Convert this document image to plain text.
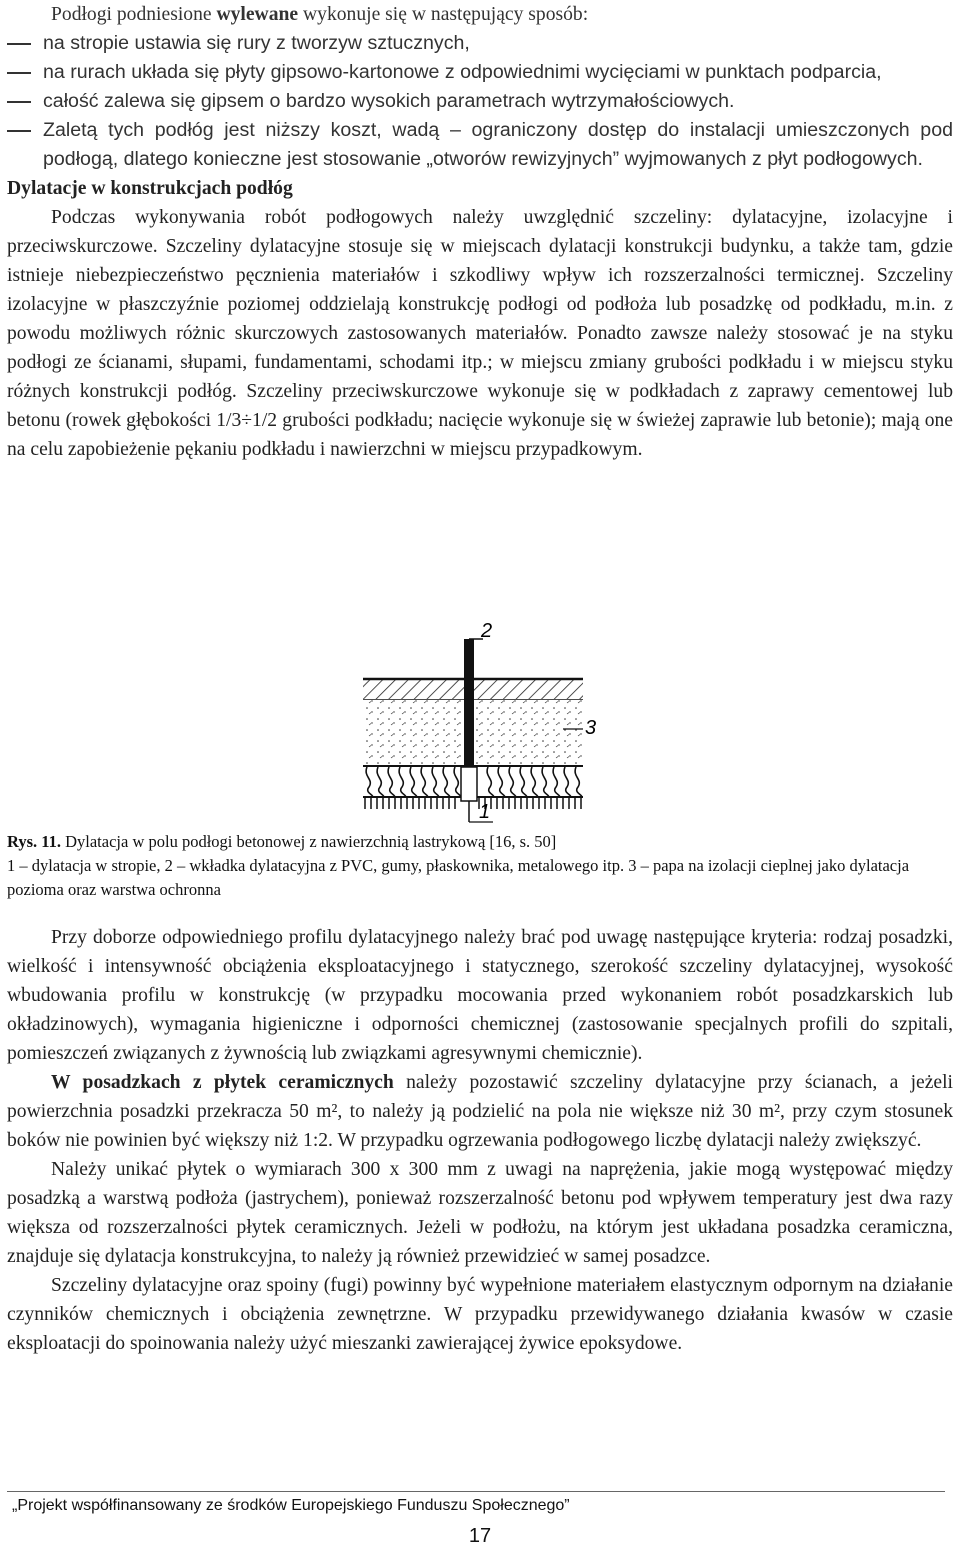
Podłogi podniesione wylewane wykonuje się w następujący sposób:

na stropie ustawia się rury z tworzyw sztucznych,
na rurach układa się płyty gipsowo-kartonowe z odpowiednimi wycięciami w punktach podparcia,
całość zalewa się gipsem o bardzo wysokich parametrach wytrzymałościowych.
Zaletą tych podłóg jest niższy koszt, wadą – ograniczony dostęp do instalacji umieszczonych pod podłogą, dlatego konieczne jest stosowanie „otworów rewizyjnych” wyjmowanych z płyt podłogowych.

Dylatacje w konstrukcjach podłóg

Podczas wykonywania robót podłogowych należy uwzględnić szczeliny: dylatacyjne, izolacyjne i przeciwskurczowe. Szczeliny dylatacyjne stosuje się w miejscach dylatacji konstrukcji budynku, a także tam, gdzie istnieje niebezpieczeństwo pęcznienia materiałów i szkodliwy wpływ ich rozszerzalności termicznej. Szczeliny izolacyjne w płaszczyźnie poziomej oddzielają konstrukcję podłogi od podłoża lub posadzkę od podkładu, m.in. z powodu możliwych różnic skurczowych zastosowanych materiałów. Ponadto zawsze należy stosować je na styku podłogi ze ścianami, słupami, fundamentami, schodami itp.; w miejscu zmiany grubości podkładu i w miejscu styku różnych konstrukcji podłóg. Szczeliny przeciwskurczowe wykonuje się w podkładach z zaprawy cementowej lub betonu (rowek głębokości 1/3÷1/2 grubości podkładu; nacięcie wykonuje się w świeżej zaprawie lub betonie); mają one na celu zapobieżenie pękaniu podkładu i nawierzchni w miejscu przypadkowym.

2
3
1

Rys. 11. Dylatacja w polu podłogi betonowej z nawierzchnią lastrykową [16, s. 50]

1 – dylatacja w stropie, 2 – wkładka dylatacyjna z PVC, gumy, płaskownika, metalowego itp. 3 – papa na izolacji cieplnej jako dylatacja pozioma oraz warstwa ochronna

Przy doborze odpowiedniego profilu dylatacyjnego należy brać pod uwagę następujące kryteria: rodzaj posadzki, wielkość i intensywność obciążenia eksploatacyjnego i statycznego, szerokość szczeliny dylatacyjnej, wysokość wbudowania profilu w konstrukcję (w przypadku mocowania przed wykonaniem robót posadzkarskich lub okładzinowych), wymagania higieniczne i odporności chemicznej (zastosowanie specjalnych profili do szpitali, pomieszczeń związanych z żywnością lub związkami agresywnymi chemicznie).

W posadzkach z płytek ceramicznych należy pozostawić szczeliny dylatacyjne przy ścianach, a jeżeli powierzchnia posadzki przekracza 50 m², to należy ją podzielić na pola nie większe niż 30 m², przy czym stosunek boków nie powinien być większy niż 1:2. W przypadku ogrzewania podłogowego liczbę dylatacji należy zwiększyć.

Należy unikać płytek o wymiarach 300 x 300 mm z uwagi na naprężenia, jakie mogą występować między posadzką a warstwą podłoża (jastrychem), ponieważ rozszerzalność betonu pod wpływem temperatury jest dwa razy większa od rozszerzalności płytek ceramicznych. Jeżeli w podłożu, na którym jest układana posadzka ceramiczna, znajduje się dylatacja konstrukcyjna, to należy ją również przewidzieć w samej posadzce.

Szczeliny dylatacyjne oraz spoiny (fugi) powinny być wypełnione materiałem elastycznym odpornym na działanie czynników chemicznych i obciążenia zewnętrzne. W przypadku przewidywanego działania kwasów w czasie eksploatacji do spoinowania należy użyć mieszanki zawierającej żywice epoksydowe.

„Projekt współfinansowany ze środków Europejskiego Funduszu Społecznego”
17
